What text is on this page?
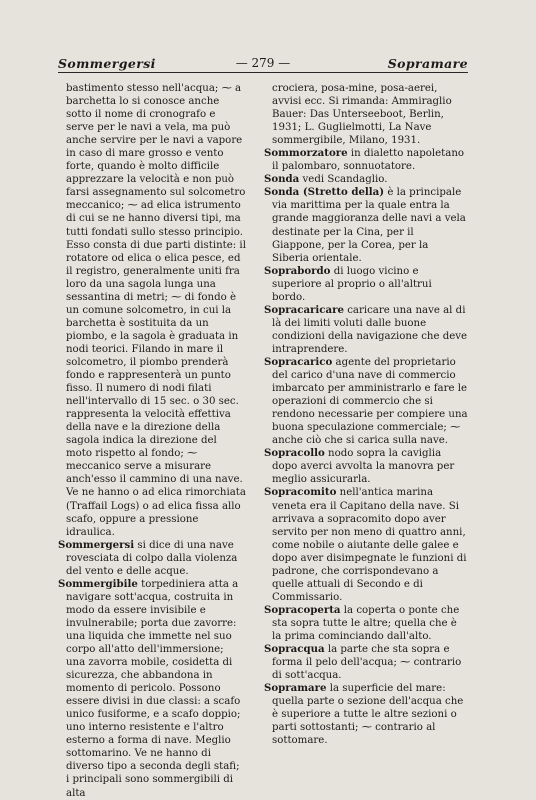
Sommergersi	— 279 —	Sopramare

bastimento stesso nell'acqua; ⁓ a barchetta lo si conosce anche sotto il nome di cronografo e serve per le navi a vela, ma può anche servire per le navi a vapore in caso di mare grosso e vento forte, quando è molto difficile apprezzare la velocità e non può farsi assegnamento sul solcometro meccanico; ⁓ ad elica istrumento di cui se ne hanno diversi tipi, ma tutti fondati sullo stesso principio. Esso consta di due parti distinte: il rotatore od elica o elica pesce, ed il registro, generalmente uniti fra loro da una sagola lunga una sessantina di metri; ⁓ di fondo è un comune solcometro, in cui la barchetta è sostituita da un piombo, e la sagola è graduata in nodi teorici. Filando in mare il solcometro, il piombo prenderà fondo e rappresenterà un punto fisso. Il numero di nodi filati nell'intervallo di 15 sec. o 30 sec. rappresenta la velocità effettiva della nave e la direzione della sagola indica la direzione del moto rispetto al fondo; ⁓ meccanico serve a misurare anch'esso il cammino di una nave. Ve ne hanno o ad elica rimorchiata (Traffail Logs) o ad elica fissa allo scafo, oppure a pressione idraulica.

Sommergersi si dice di una nave rovesciata di colpo dalla violenza del vento e delle acque.

Sommergibile torpediniera atta a navigare sott'acqua, costruita in modo da essere invisibile e invulnerabile; porta due zavorre: una liquida che immette nel suo corpo all'atto dell'immersione; una zavorra mobile, cosidetta di sicurezza, che abbandona in momento di pericolo. Possono essere divisi in due classi: a scafo unico fusiforme, e a scafo doppio; uno interno resistente e l'altro esterno a forma di nave. Meglio sottomarino. Ve ne hanno di diverso tipo a seconda degli stafi; i principali sono sommergibili di alta

crociera, posa-mine, posa-aerei, avvisi ecc. Si rimanda: Ammiraglio Bauer: Das Unterseeboot, Berlin, 1931; L. Guglielmotti, La Nave sommergibile, Milano, 1931.

Sommorzatore in dialetto napoletano il palombaro, sonnuotatore.

Sonda vedi Scandaglio.

Sonda (Stretto della) è la principale via marittima per la quale entra la grande maggioranza delle navi a vela destinate per la Cina, per il Giappone, per la Corea, per la Siberia orientale.

Soprabordo di luogo vicino e superiore al proprio o all'altrui bordo.

Sopracaricare caricare una nave al di là dei limiti voluti dalle buone condizioni della navigazione che deve intraprendere.

Sopracarico agente del proprietario del carico d'una nave di commercio imbarcato per amministrarlo e fare le operazioni di commercio che si rendono necessarie per compiere una buona speculazione commerciale; ⁓ anche ciò che si carica sulla nave.

Sopracollo nodo sopra la caviglia dopo averci avvolta la manovra per meglio assicurarla.

Sopracomito nell'antica marina veneta era il Capitano della nave. Si arrivava a sopracomito dopo aver servito per non meno di quattro anni, come nobile o aiutante delle galee e dopo aver disimpegnate le funzioni di padrone, che corrispondevano a quelle attuali di Secondo e di Commissario.

Sopracoperta la coperta o ponte che sta sopra tutte le altre; quella che è la prima cominciando dall'alto.

Sopracqua la parte che sta sopra e forma il pelo dell'acqua; ⁓ contrario di sott'acqua.

Sopramare la superficie del mare: quella parte o sezione dell'acqua che è superiore a tutte le altre sezioni o parti sottostanti; ⁓ contrario al sottomare.
